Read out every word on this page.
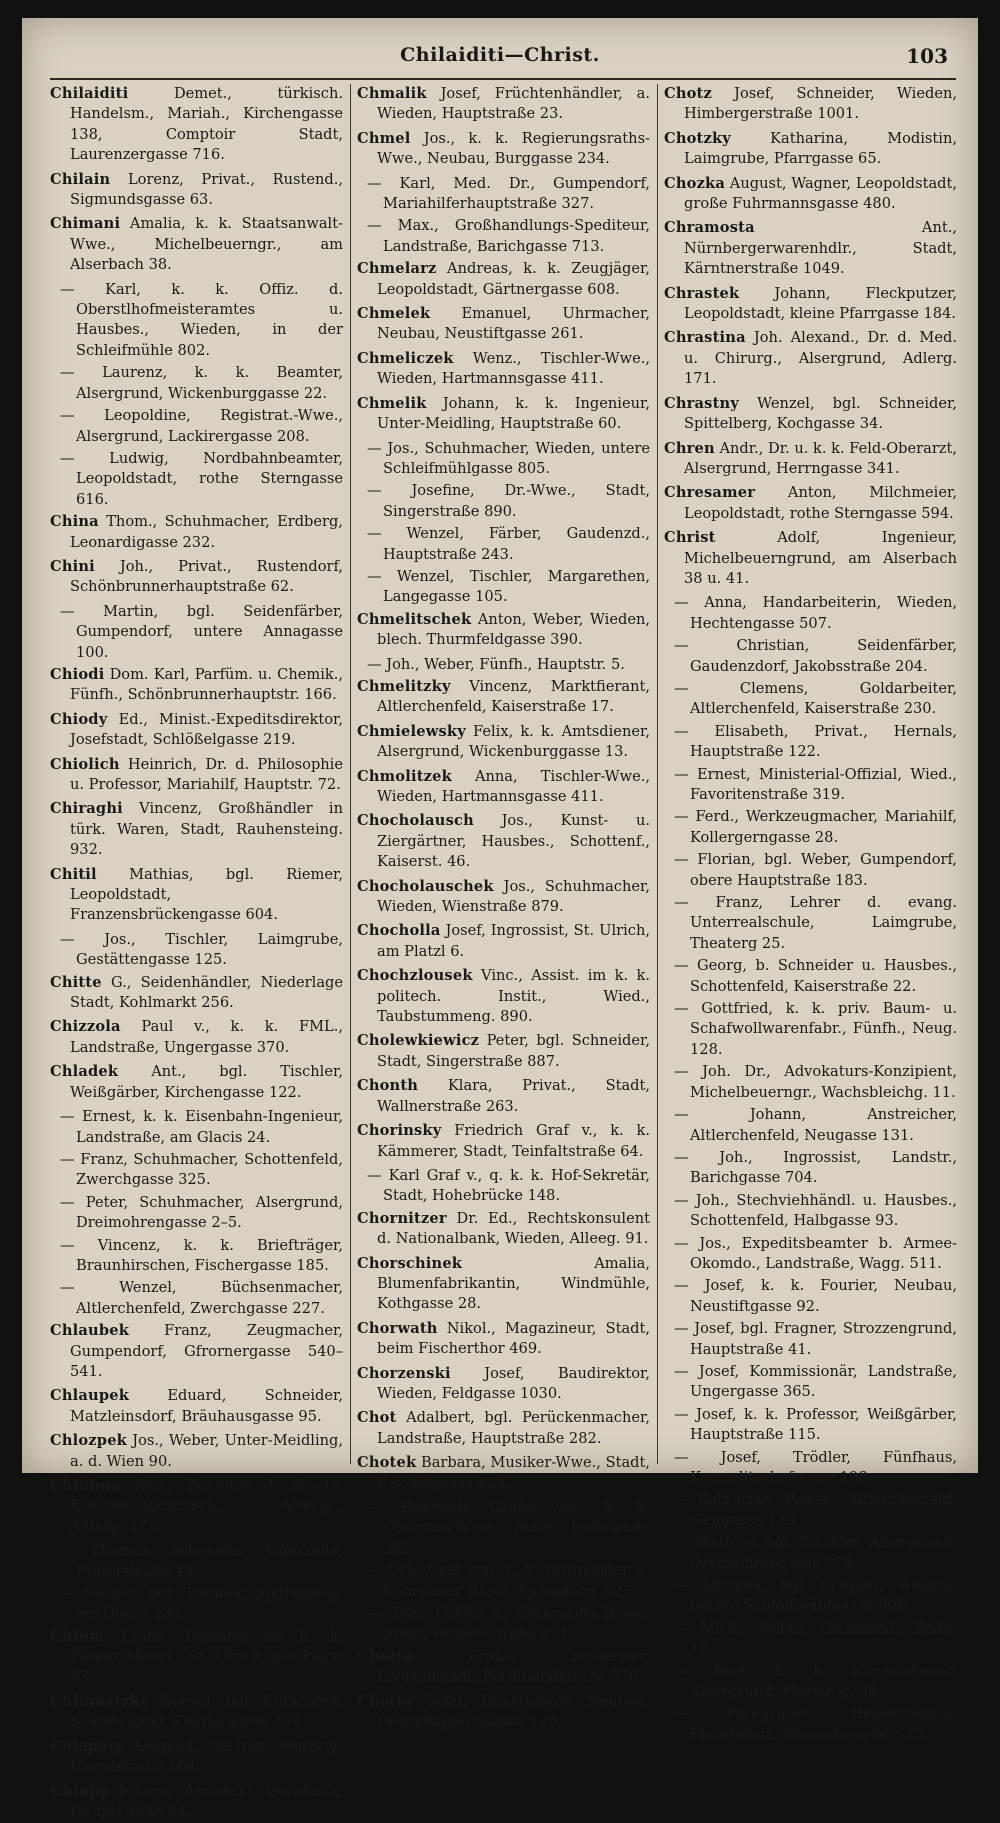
Chilaiditi—Christ.	103

Chilaiditi Demet., türkisch. Handelsm., Mariah., Kirchengasse 138, Comptoir Stadt, Laurenzergasse 716.

Chilain Lorenz, Privat., Rustend., Sigmundsgasse 63.

Chimani Amalia, k. k. Staatsanwalt-Wwe., Michelbeuerngr., am Alserbach 38.

— Karl, k. k. Offiz. d. Oberstlhofmeisteramtes u. Hausbes., Wieden, in der Schleifmühle 802.

— Laurenz, k. k. Beamter, Alsergrund, Wickenburggasse 22.

— Leopoldine, Registrat.-Wwe., Alsergrund, Lackirergasse 208.

— Ludwig, Nordbahnbeamter, Leopoldstadt, rothe Sterngasse 616.

China Thom., Schuhmacher, Erdberg, Leonardigasse 232.

Chini Joh., Privat., Rustendorf, Schönbrunnerhauptstraße 62.

— Martin, bgl. Seidenfärber, Gumpendorf, untere Annagasse 100.

Chiodi Dom. Karl, Parfüm. u. Chemik., Fünfh., Schönbrunnerhauptstr. 166.

Chiody Ed., Minist.-Expeditsdirektor, Josefstadt, Schlößelgasse 219.

Chiolich Heinrich, Dr. d. Philosophie u. Professor, Mariahilf, Hauptstr. 72.

Chiraghi Vincenz, Großhändler in türk. Waren, Stadt, Rauhensteing. 932.

Chitil Mathias, bgl. Riemer, Leopoldstadt, Franzensbrückengasse 604.

— Jos., Tischler, Laimgrube, Gestättengasse 125.

Chitte G., Seidenhändler, Niederlage Stadt, Kohlmarkt 256.

Chizzola Paul v., k. k. FML., Landstraße, Ungergasse 370.

Chladek Ant., bgl. Tischler, Weißgärber, Kirchengasse 122.

— Ernest, k. k. Eisenbahn-Ingenieur, Landstraße, am Glacis 24.

— Franz, Schuhmacher, Schottenfeld, Zwerchgasse 325.

— Peter, Schuhmacher, Alsergrund, Dreimohrengasse 2–5.

— Vincenz, k. k. Briefträger, Braunhirschen, Fischergasse 185.

— Wenzel, Büchsenmacher, Altlerchenfeld, Zwerchgasse 227.

Chlaubek Franz, Zeugmacher, Gumpendorf, Gfrornergasse 540–541.

Chlaupek Eduard, Schneider, Matzleinsdorf, Bräuhausgasse 95.

Chlozpek Jos., Weber, Unter-Meidling, a. d. Wien 90.

Chlubna Rud., Beamter d. Staats-Eisenbahngesellsch., Alsergr., Adlerg. 171.

— Thomas, Schneider, Jägerzeile, Praterstraße 48.

— Wenzel, bef. Tischler, Spittelberg, am Glacis 134.

Chlum Franz, Beamter im k. k. Finanz-Minist., St. Ulrich, am Platzl 63.

Chlumetzky Wenzel, bgl. Kürschner, Schottenfeld, Zieglergasse 351.

Chlapaty Leopold, Gärtner, Penzing, Hauptstraße 164.

Chlupp Johann, Architekt, Dornbach, Hauptstraße 54.

Chmalik Josef, Früchtenhändler, a. Wieden, Hauptstraße 23.

Chmel Jos., k. k. Regierungsraths-Wwe., Neubau, Burggasse 234.

— Karl, Med. Dr., Gumpendorf, Mariahilferhauptstraße 327.

— Max., Großhandlungs-Spediteur, Landstraße, Barichgasse 713.

Chmelarz Andreas, k. k. Zeugjäger, Leopoldstadt, Gärtnergasse 608.

Chmelek Emanuel, Uhrmacher, Neubau, Neustiftgasse 261.

Chmeliczek Wenz., Tischler-Wwe., Wieden, Hartmannsgasse 411.

Chmelik Johann, k. k. Ingenieur, Unter-Meidling, Hauptstraße 60.

— Jos., Schuhmacher, Wieden, untere Schleifmühlgasse 805.

— Josefine, Dr.-Wwe., Stadt, Singerstraße 890.

— Wenzel, Färber, Gaudenzd., Hauptstraße 243.

— Wenzel, Tischler, Margarethen, Langegasse 105.

Chmelitschek Anton, Weber, Wieden, blech. Thurmfeldgasse 390.

— Joh., Weber, Fünfh., Hauptstr. 5.

Chmelitzky Vincenz, Marktfierant, Altlerchenfeld, Kaiserstraße 17.

Chmielewsky Felix, k. k. Amtsdiener, Alsergrund, Wickenburggasse 13.

Chmolitzek Anna, Tischler-Wwe., Wieden, Hartmannsgasse 411.

Chocholausch Jos., Kunst- u. Ziergärtner, Hausbes., Schottenf., Kaiserst. 46.

Chocholauschek Jos., Schuhmacher, Wieden, Wienstraße 879.

Chocholla Josef, Ingrossist, St. Ulrich, am Platzl 6.

Chochzlousek Vinc., Assist. im k. k. politech. Instit., Wied., Taubstummeng. 890.

Cholewkiewicz Peter, bgl. Schneider, Stadt, Singerstraße 887.

Chonth Klara, Privat., Stadt, Wallnerstraße 263.

Chorinsky Friedrich Graf v., k. k. Kämmerer, Stadt, Teinfaltstraße 64.

— Karl Graf v., q. k. k. Hof-Sekretär, Stadt, Hohebrücke 148.

Chornitzer Dr. Ed., Rechtskonsulent d. Nationalbank, Wieden, Alleeg. 91.

Chorschinek Amalia, Blumenfabrikantin, Windmühle, Kothgasse 28.

Chorwath Nikol., Magazineur, Stadt, beim Fischerthor 469.

Chorzenski Josef, Baudirektor, Wieden, Feldgasse 1030.

Chot Adalbert, bgl. Perückenmacher, Landstraße, Hauptstraße 282.

Chotek Barbara, Musiker-Wwe., Stadt, Bischofgasse 634.

— Henriette Gräfin von, k. k. Obersten-Wwe., Stadt, Judenplatz 343.

— Otto Graf von, k. k. Rittmeister u. Kämmerer, Stadt, Spänglerg. 427.

— Ther. Gräfin v., Chrenstifts-Dame, Stadt, Wallnerstraße 271.

Chotta Franz, Schneider, Leopoldstadt, Ferdinandstraße 576.

Chotta Josef, Privatlehrer, Neubau, Dreifaltigkeitsgasse 128.

Chotz Josef, Schneider, Wieden, Himbergerstraße 1001.

Chotzky Katharina, Modistin, Laimgrube, Pfarrgasse 65.

Chozka August, Wagner, Leopoldstadt, große Fuhrmannsgasse 480.

Chramosta Ant., Nürnbergerwarenhdlr., Stadt, Kärntnerstraße 1049.

Chrastek Johann, Fleckputzer, Leopoldstadt, kleine Pfarrgasse 184.

Chrastina Joh. Alexand., Dr. d. Med. u. Chirurg., Alsergrund, Adlerg. 171.

Chrastny Wenzel, bgl. Schneider, Spittelberg, Kochgasse 34.

Chren Andr., Dr. u. k. k. Feld-Oberarzt, Alsergrund, Herrngasse 341.

Chresamer Anton, Milchmeier, Leopoldstadt, rothe Sterngasse 594.

Christ Adolf, Ingenieur, Michelbeuerngrund, am Alserbach 38 u. 41.

— Anna, Handarbeiterin, Wieden, Hechtengasse 507.

— Christian, Seidenfärber, Gaudenzdorf, Jakobsstraße 204.

— Clemens, Goldarbeiter, Altlerchenfeld, Kaiserstraße 230.

— Elisabeth, Privat., Hernals, Hauptstraße 122.

— Ernest, Ministerial-Offizial, Wied., Favoritenstraße 319.

— Ferd., Werkzeugmacher, Mariahilf, Kollergerngasse 28.

— Florian, bgl. Weber, Gumpendorf, obere Hauptstraße 183.

— Franz, Lehrer d. evang. Unterrealschule, Laimgrube, Theaterg 25.

— Georg, b. Schneider u. Hausbes., Schottenfeld, Kaiserstraße 22.

— Gottfried, k. k. priv. Baum- u. Schafwollwarenfabr., Fünfh., Neug. 128.

— Joh. Dr., Advokaturs-Konzipient, Michelbeuerngr., Wachsbleichg. 11.

— Johann, Anstreicher, Altlerchenfeld, Neugasse 131.

— Joh., Ingrossist, Landstr., Barichgasse 704.

— Joh., Stechviehhändl. u. Hausbes., Schottenfeld, Halbgasse 93.

— Jos., Expeditsbeamter b. Armee-Okomdo., Landstraße, Wagg. 511.

— Josef, k. k. Fourier, Neubau, Neustiftgasse 92.

— Josef, bgl. Fragner, Strozzengrund, Hauptstraße 41.

— Josef, Kommissionär, Landstraße, Ungergasse 365.

— Josef, k. k. Professor, Weißgärber, Hauptstraße 115.

— Josef, Trödler, Fünfhaus, Karmeliterhofgasse 198.

— Katharina, Privat., Altlerchenfeld, Neugasse 139.

— Mathias, bgl. Tischler, Alsergrund, Dreimohrengasse 278.

— Michael, bgl. Fragner, Wieden, untere Schleifmühlgasse 806.

— Mich., Weber, Gaudenzd., Badg. 11.

— Paul, k. k. Kanzleidiener, Alsergrund, Florianig. 38.

— Peregrinus, Handelsmann, Floridsdorf, Wienerhauptstr. 35.
